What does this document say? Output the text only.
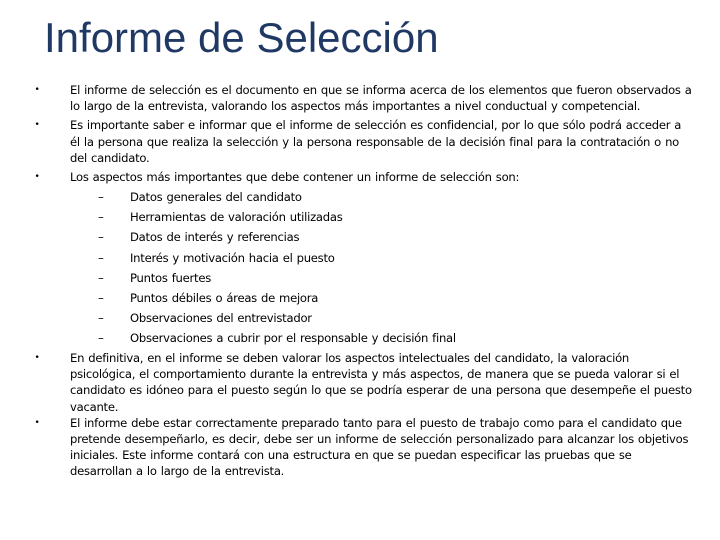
Informe de Selección

•	El informe de selección es el documento en que se informa acerca de los elementos que fueron observados a lo largo de la entrevista, valorando los aspectos más importantes a nivel conductual y competencial.

•	Es importante saber e informar que el informe de selección es confidencial, por lo que sólo podrá acceder a él la persona que realiza la selección y la persona responsable de la decisión final para la contratación o no del candidato.

•	Los aspectos más importantes que debe contener un informe de selección son:
– Datos generales del candidato
– Herramientas de valoración utilizadas
– Datos de interés y referencias
– Interés y motivación hacia el puesto
– Puntos fuertes
– Puntos débiles o áreas de mejora
– Observaciones del entrevistador
– Observaciones a cubrir por el responsable y decisión final

•	En definitiva, en el informe se deben valorar los aspectos intelectuales del candidato, la valoración psicológica, el comportamiento durante la entrevista y más aspectos, de manera que se pueda valorar si el candidato es idóneo para el puesto según lo que se podría esperar de una persona que desempeñe el puesto vacante.

•	El informe debe estar correctamente preparado tanto para el puesto de trabajo como para el candidato que pretende desempeñarlo, es decir, debe ser un informe de selección personalizado para alcanzar los objetivos iniciales. Este informe contará con una estructura en que se puedan especificar las pruebas que se desarrollan a lo largo de la entrevista.
